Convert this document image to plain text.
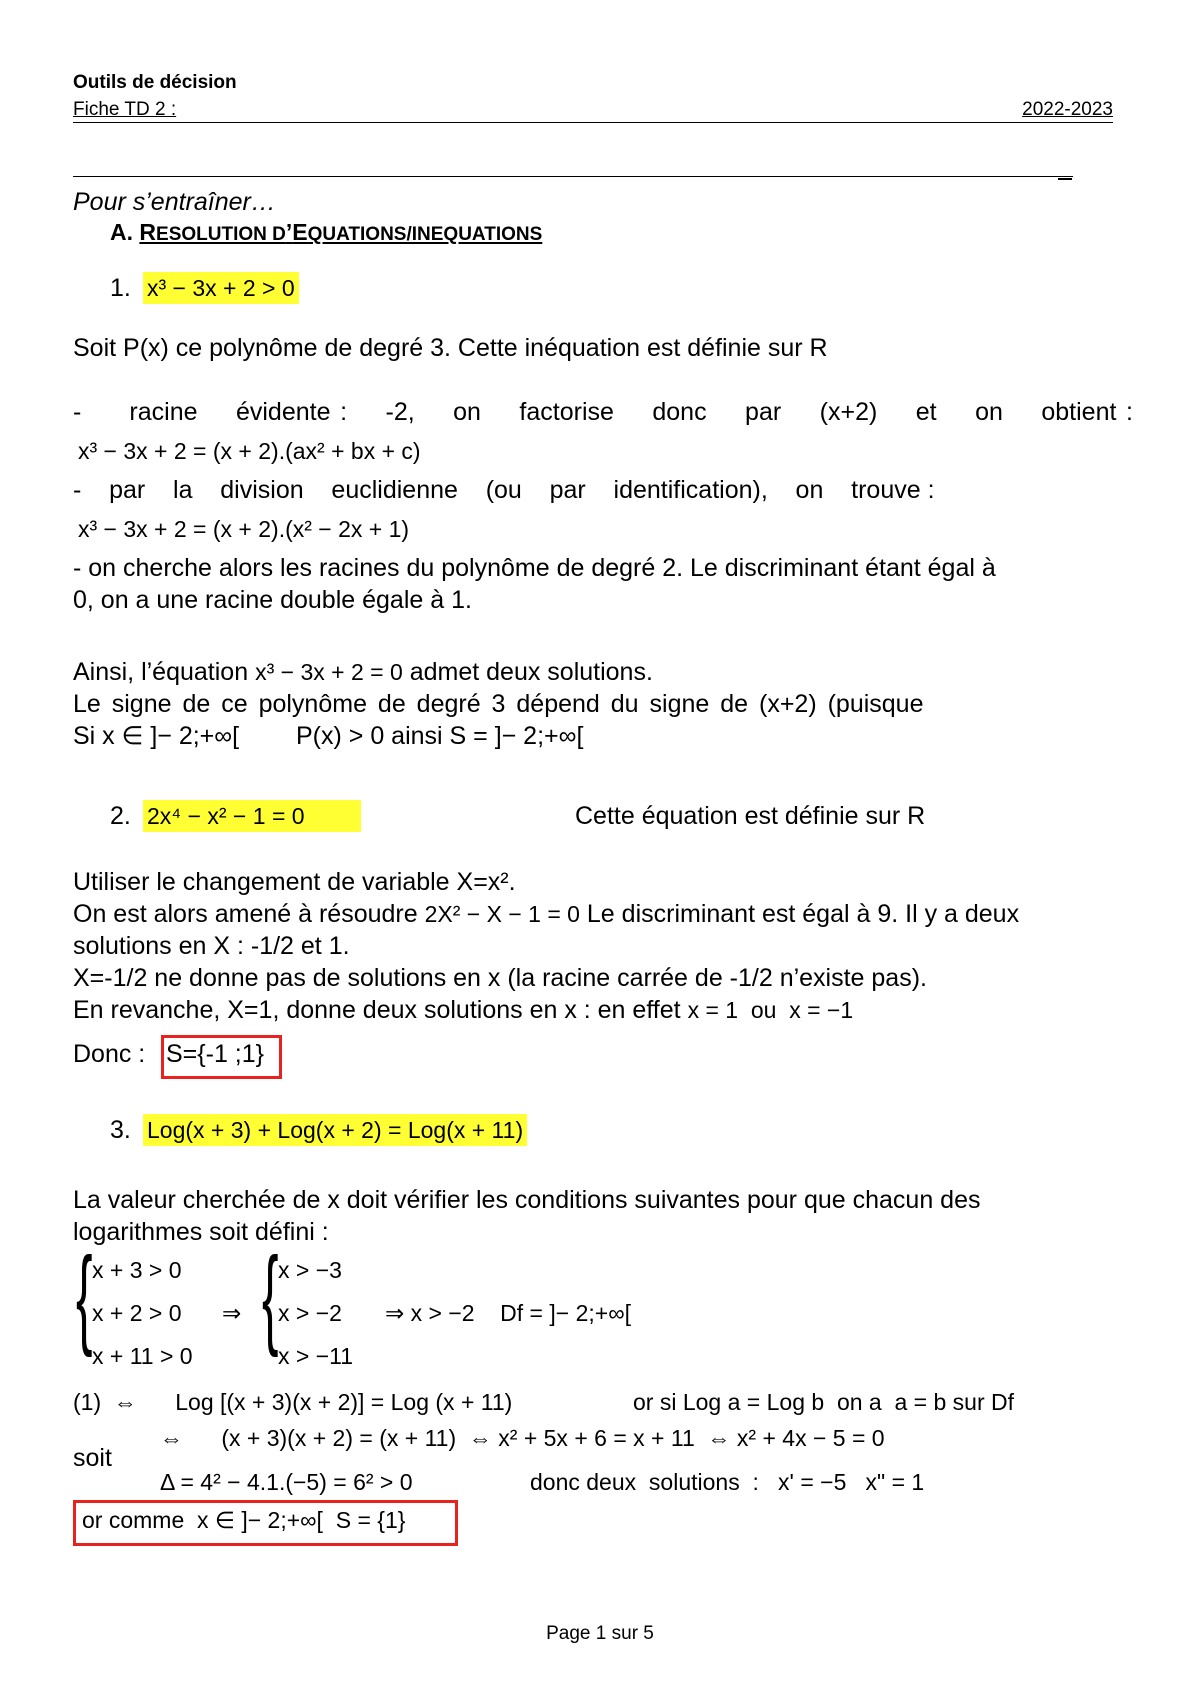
Outils de décision
Fiche TD 2 :	2022-2023
Pour s’entraîner…
A. RESOLUTION D’EQUATIONS/INEQUATIONS
1. x³ − 3x + 2 > 0
Soit P(x) ce polynôme de degré 3. Cette inéquation est définie sur R
-     racine    évidente :    -2,    on    factorise    donc    par    (x+2)    et    on    obtient :
x³ − 3x + 2 = (x + 2).(ax² + bx + c)
-    par    la    division    euclidienne    (ou    par    identification),    on    trouve :
x³ − 3x + 2 = (x + 2).(x² − 2x + 1)
- on cherche alors les racines du polynôme de degré 2. Le discriminant étant égal à
0, on a une racine double égale à 1.
Ainsi, l’équation x³ − 3x + 2 = 0 admet deux solutions.
Le signe de ce polynôme de degré 3 dépend du signe de (x+2) (puisque
Si x ∈ ]− 2;+∞[ P(x) > 0 ainsi S = ]− 2;+∞[
2. 2x⁴ − x² − 1 = 0	Cette équation est définie sur R
Utiliser le changement de variable X=x².
On est alors amené à résoudre 2X² − X − 1 = 0 Le discriminant est égal à 9. Il y a deux
solutions en X : -1/2 et 1.
X=-1/2 ne donne pas de solutions en x (la racine carrée de -1/2 n’existe pas).
En revanche, X=1, donne deux solutions en x : en effet x = 1  ou  x = −1
Donc : S={-1 ;1}
3. Log(x + 3) + Log(x + 2) = Log(x + 11)
La valeur cherchée de x doit vérifier les conditions suivantes pour que chacun des
logarithmes soit défini :
{ x + 3 > 0
x + 2 > 0
x + 11 > 0
⇒ { x > −3
x > −2
x > −11
⇒ x > −2    Df = ]− 2;+∞[
(1)  ⇔      Log [(x + 3)(x + 2)] = Log (x + 11)	or si Log a = Log b  on a  a = b sur Df
⇔      (x + 3)(x + 2) = (x + 11)  ⇔ x² + 5x + 6 = x + 11  ⇔ x² + 4x − 5 = 0
soit
Δ = 4² − 4.1.(−5) = 6² > 0	donc deux  solutions  :   x' = −5   x" = 1
or comme  x ∈ ]− 2;+∞[  S = {1}
Page 1 sur 5
